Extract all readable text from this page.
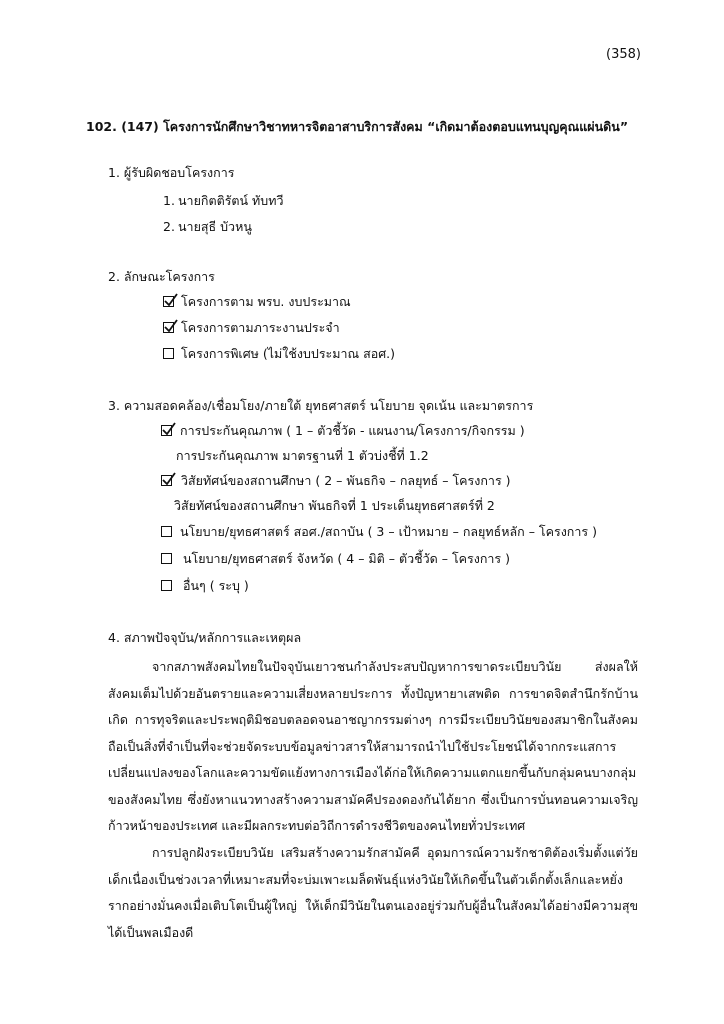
(358)
102. (147) โครงการนักศึกษาวิชาทหารจิตอาสาบริการสังคม “เกิดมาต้องตอบแทนบุญคุณแผ่นดิน”
1. ผู้รับผิดชอบโครงการ
1. นายกิตติรัตน์ ทับทวี
2. นายสุธี บัวหนู
2. ลักษณะโครงการ
โครงการตาม พรบ. งบประมาณ
โครงการตามภาระงานประจำ
โครงการพิเศษ (ไม่ใช้งบประมาณ สอศ.)
3. ความสอดคล้อง/เชื่อมโยง/ภายใต้ ยุทธศาสตร์ นโยบาย จุดเน้น และมาตรการ
การประกันคุณภาพ ( 1 – ตัวชี้วัด - แผนงาน/โครงการ/กิจกรรม )
การประกันคุณภาพ มาตรฐานที่ 1 ตัวบ่งชี้ที่ 1.2
วิสัยทัศน์ของสถานศึกษา ( 2 – พันธกิจ – กลยุทธ์ – โครงการ )
วิสัยทัศน์ของสถานศึกษา พันธกิจที่ 1 ประเด็นยุทธศาสตร์ที่ 2
นโยบาย/ยุทธศาสตร์ สอศ./สถาบัน ( 3 – เป้าหมาย – กลยุทธ์หลัก – โครงการ )
นโยบาย/ยุทธศาสตร์ จังหวัด ( 4 – มิติ – ตัวชี้วัด – โครงการ )
อื่นๆ ( ระบุ )
4. สภาพปัจจุบัน/หลักการและเหตุผล
จากสภาพสังคมไทยในปัจจุบันเยาวชนกำลังประสบปัญหาการขาดระเบียบวินัย ส่งผลให้สังคมเต็มไปด้วยอันตรายและความเสี่ยงหลายประการ ทั้งปัญหายาเสพติด การขาดจิตสำนึกรักบ้านเกิด การทุจริตและประพฤติมิชอบตลอดจนอาชญากรรมต่างๆ การมีระเบียบวินัยของสมาชิกในสังคม ถือเป็นสิ่งที่จำเป็นที่จะช่วยจัดระบบข้อมูลข่าวสารให้สามารถนำไปใช้ประโยชน์ได้จากกระแสการเปลี่ยนแปลงของโลกและความขัดแย้งทางการเมืองได้ก่อให้เกิดความแตกแยกขึ้นกับกลุ่มคนบางกลุ่มของสังคมไทย ซึ่งยังหาแนวทางสร้างความสามัคคีปรองดองกันได้ยาก ซึ่งเป็นการบั่นทอนความเจริญก้าวหน้าของประเทศ และมีผลกระทบต่อวิถีการดำรงชีวิตของคนไทยทั่วประเทศ
การปลูกฝังระเบียบวินัย เสริมสร้างความรักสามัคคี อุดมการณ์ความรักชาติต้องเริ่มตั้งแต่วัยเด็กเนื่องเป็นช่วงเวลาที่เหมาะสมที่จะบ่มเพาะเมล็ดพันธุ์แห่งวินัยให้เกิดขึ้นในตัวเด็กตั้งเล็กและหยั่งรากอย่างมั่นคงเมื่อเติบโตเป็นผู้ใหญ่ ให้เด็กมีวินัยในตนเองอยู่ร่วมกับผู้อื่นในสังคมได้อย่างมีความสุข ได้เป็นพลเมืองดี
